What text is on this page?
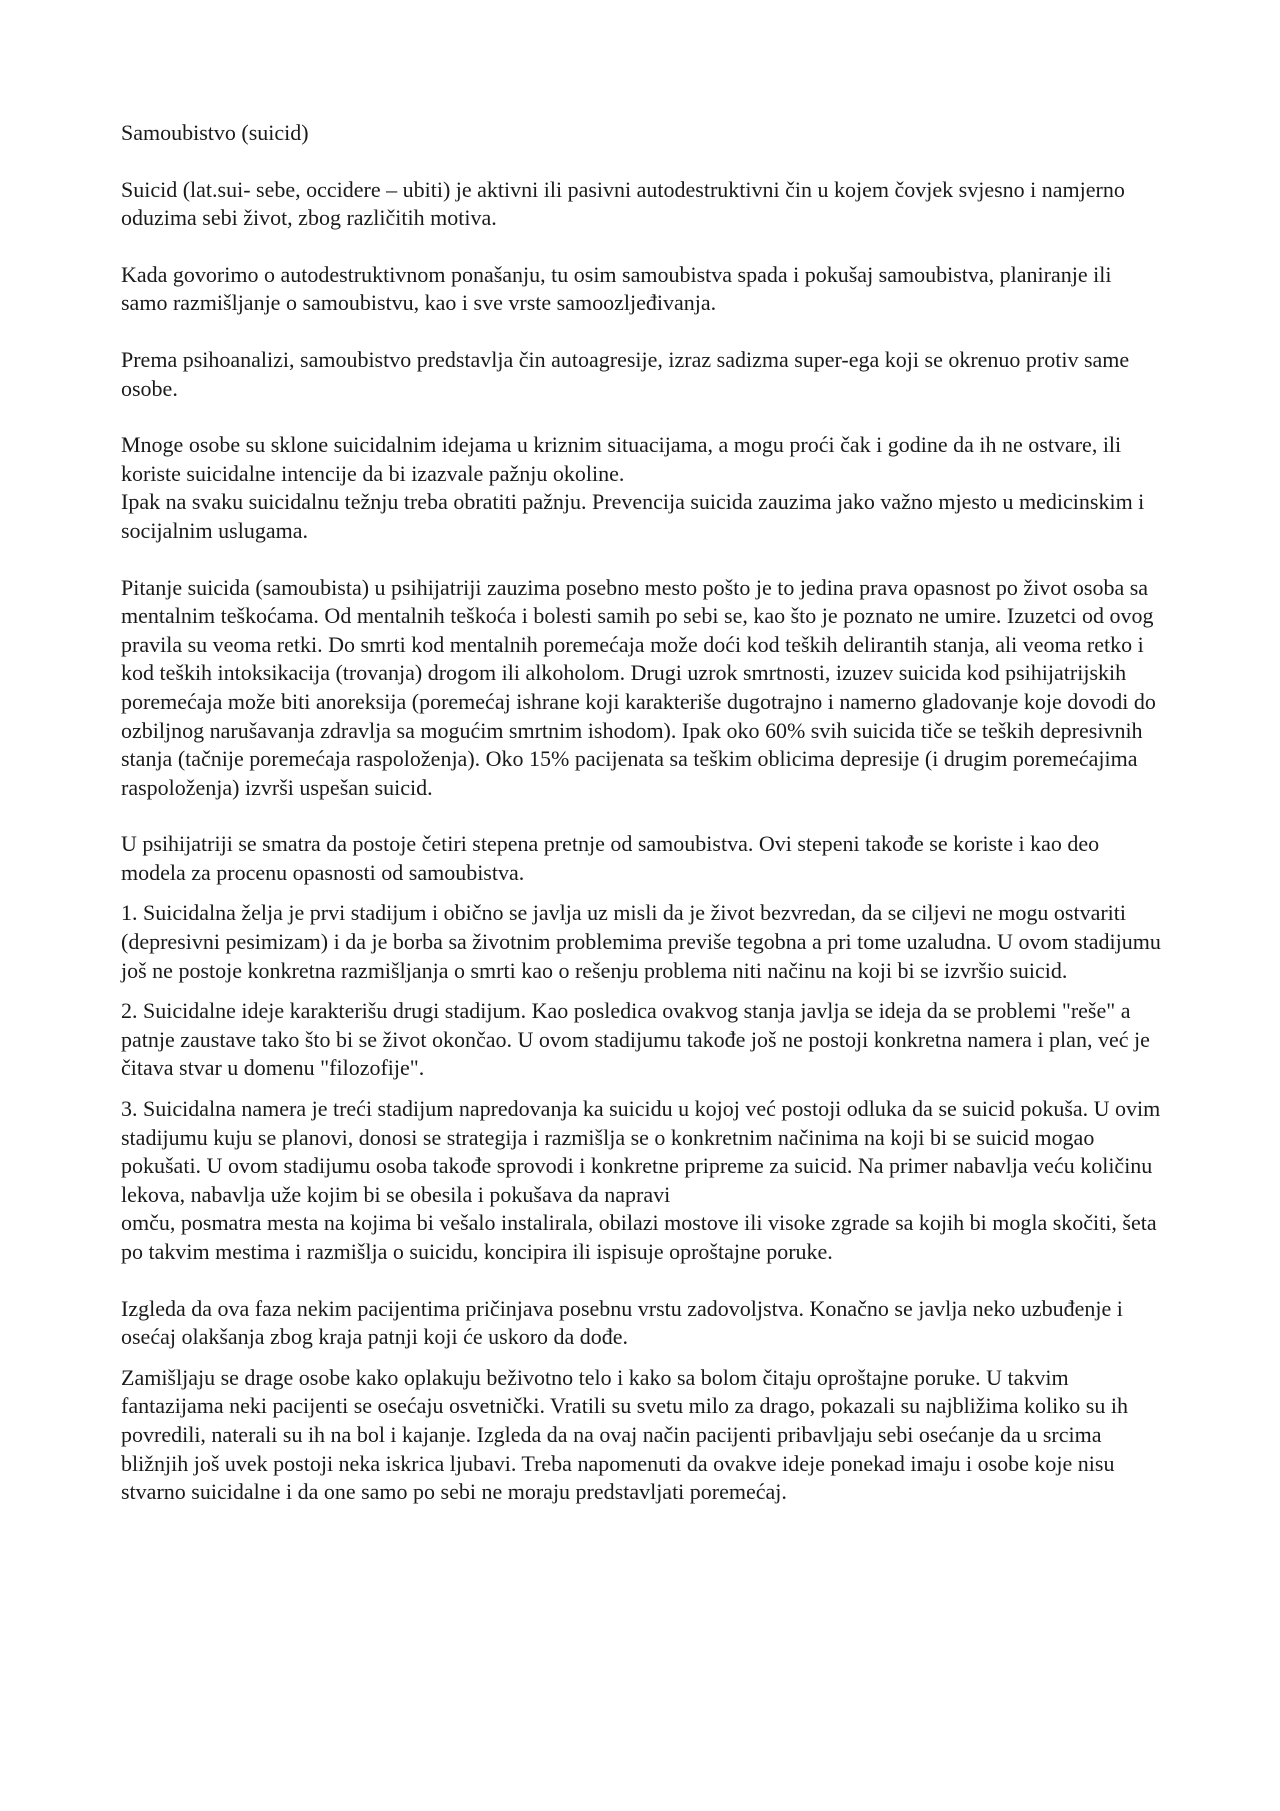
Samoubistvo (suicid)

Suicid (lat.sui- sebe, occidere – ubiti) je aktivni ili pasivni autodestruktivni čin u kojem čovjek svjesno i namjerno oduzima sebi život, zbog različitih motiva.

Kada govorimo o autodestruktivnom ponašanju, tu osim samoubistva spada i pokušaj samoubistva, planiranje ili samo razmišljanje o samoubistvu, kao i sve vrste samoozljeđivanja.

Prema psihoanalizi, samoubistvo predstavlja čin autoagresije, izraz sadizma super-ega koji se okrenuo protiv same osobe.

Mnoge osobe su sklone suicidalnim idejama u kriznim situacijama, a mogu proći čak i godine da ih ne ostvare, ili koriste suicidalne intencije da bi izazvale pažnju okoline.

Ipak na svaku suicidalnu težnju treba obratiti pažnju. Prevencija suicida zauzima jako važno mjesto u medicinskim i socijalnim uslugama.

Pitanje suicida (samoubista) u psihijatriji zauzima posebno mesto pošto je to jedina prava opasnost po život osoba sa mentalnim teškoćama. Od mentalnih teškoća i bolesti samih po sebi se, kao što je poznato ne umire. Izuzetci od ovog pravila su veoma retki. Do smrti kod mentalnih poremećaja može doći kod teških delirantih stanja, ali veoma retko i kod teških intoksikacija (trovanja) drogom ili alkoholom. Drugi uzrok smrtnosti, izuzev suicida kod psihijatrijskih poremećaja može biti anoreksija (poremećaj ishrane koji karakteriše dugotrajno i namerno gladovanje koje dovodi do ozbiljnog narušavanja zdravlja sa mogućim smrtnim ishodom). Ipak oko 60% svih suicida tiče se teških depresivnih stanja (tačnije poremećaja raspoloženja). Oko 15% pacijenata sa teškim oblicima depresije (i drugim poremećajima raspoloženja) izvrši uspešan suicid.

U psihijatriji se smatra da postoje četiri stepena pretnje od samoubistva. Ovi stepeni takođe se koriste i kao deo modela za procenu opasnosti od samoubistva.

1. Suicidalna želja je prvi stadijum i obično se javlja uz misli da je život bezvredan, da se ciljevi ne mogu ostvariti (depresivni pesimizam) i da je borba sa životnim problemima previše tegobna a pri tome uzaludna. U ovom stadijumu još ne postoje konkretna razmišljanja o smrti kao o rešenju problema niti načinu na koji bi se izvršio suicid.

2. Suicidalne ideje karakterišu drugi stadijum. Kao posledica ovakvog stanja javlja se ideja da se problemi "reše" a patnje zaustave tako što bi se život okončao. U ovom stadijumu takođe još ne postoji konkretna namera i plan, već je čitava stvar u domenu "filozofije".

3. Suicidalna namera je treći stadijum napredovanja ka suicidu u kojoj već postoji odluka da se suicid pokuša. U ovim stadijumu kuju se planovi, donosi se strategija i razmišlja se o konkretnim načinima na koji bi se suicid mogao pokušati. U ovom stadijumu osoba takođe sprovodi i konkretne pripreme za suicid. Na primer nabavlja veću količinu lekova, nabavlja uže kojim bi se obesila i pokušava da napravi

omču, posmatra mesta na kojima bi vešalo instalirala, obilazi mostove ili visoke zgrade sa kojih bi mogla skočiti, šeta po takvim mestima i razmišlja o suicidu, koncipira ili ispisuje oproštajne poruke.

Izgleda da ova faza nekim pacijentima pričinjava posebnu vrstu zadovoljstva. Konačno se javlja neko uzbuđenje i osećaj olakšanja zbog kraja patnji koji će uskoro da dođe.

Zamišljaju se drage osobe kako oplakuju beživotno telo i kako sa bolom čitaju oproštajne poruke. U takvim fantazijama neki pacijenti se osećaju osvetnički. Vratili su svetu milo za drago, pokazali su najbližima koliko su ih povredili, naterali su ih na bol i kajanje. Izgleda da na ovaj način pacijenti pribavljaju sebi osećanje da u srcima bližnjih još uvek postoji neka iskrica ljubavi. Treba napomenuti da ovakve ideje ponekad imaju i osobe koje nisu stvarno suicidalne i da one samo po sebi ne moraju predstavljati poremećaj.
